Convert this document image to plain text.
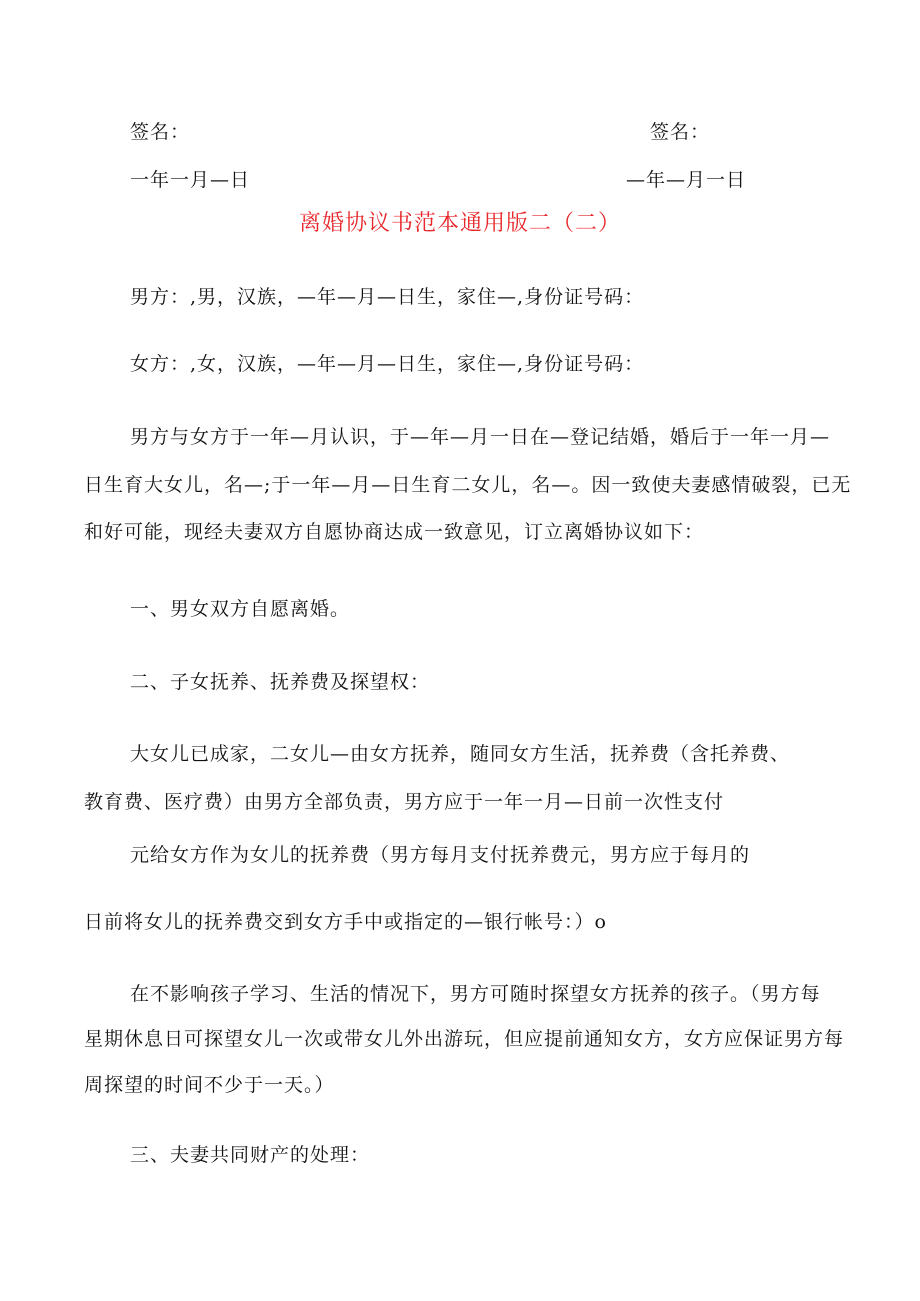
签名：	签名：
一年一月—日	—年—月一日
离婚协议书范本通用版二（二）
男方：,男，汉族，—年—月—日生，家住—,身份证号码：
女方：,女，汉族，—年—月—日生，家住—,身份证号码：
男方与女方于一年—月认识，于—年—月一日在—登记结婚，婚后于一年一月—
日生育大女儿，名—;于一年—月—日生育二女儿，名—。因一致使夫妻感情破裂，已无
和好可能，现经夫妻双方自愿协商达成一致意见，订立离婚协议如下：
一、男女双方自愿离婚。
二、子女抚养、抚养费及探望权：
大女儿已成家，二女儿—由女方抚养，随同女方生活，抚养费（含托养费、
教育费、医疗费）由男方全部负责，男方应于一年一月—日前一次性支付
元给女方作为女儿的抚养费（男方每月支付抚养费元，男方应于每月的
日前将女儿的抚养费交到女方手中或指定的—银行帐号：）o
在不影响孩子学习、生活的情况下，男方可随时探望女方抚养的孩子。（男方每
星期休息日可探望女儿一次或带女儿外出游玩，但应提前通知女方，女方应保证男方每
周探望的时间不少于一天。）
三、夫妻共同财产的处理：
